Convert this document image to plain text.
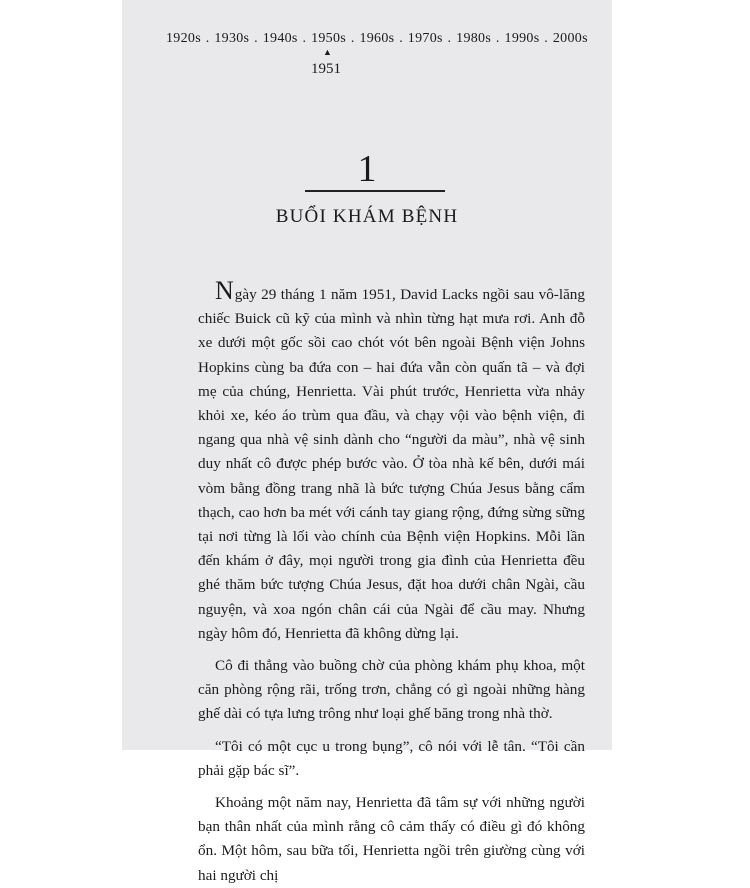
1920s . 1930s . 1940s . 1950s . 1960s . 1970s . 1980s . 1990s . 2000s
▲
1951
1
BUỔI KHÁM BỆNH

Ngày 29 tháng 1 năm 1951, David Lacks ngồi sau vô-lăng chiếc Buick cũ kỹ của mình và nhìn từng hạt mưa rơi. Anh đỗ xe dưới một gốc sồi cao chót vót bên ngoài Bệnh viện Johns Hopkins cùng ba đứa con – hai đứa vẫn còn quấn tã – và đợi mẹ của chúng, Henrietta. Vài phút trước, Henrietta vừa nhảy khỏi xe, kéo áo trùm qua đầu, và chạy vội vào bệnh viện, đi ngang qua nhà vệ sinh dành cho “người da màu”, nhà vệ sinh duy nhất cô được phép bước vào. Ở tòa nhà kế bên, dưới mái vòm bằng đồng trang nhã là bức tượng Chúa Jesus bằng cẩm thạch, cao hơn ba mét với cánh tay giang rộng, đứng sừng sững tại nơi từng là lối vào chính của Bệnh viện Hopkins. Mỗi lần đến khám ở đây, mọi người trong gia đình của Henrietta đều ghé thăm bức tượng Chúa Jesus, đặt hoa dưới chân Ngài, cầu nguyện, và xoa ngón chân cái của Ngài để cầu may. Nhưng ngày hôm đó, Henrietta đã không dừng lại.

Cô đi thẳng vào buồng chờ của phòng khám phụ khoa, một căn phòng rộng rãi, trống trơn, chẳng có gì ngoài những hàng ghế dài có tựa lưng trông như loại ghế băng trong nhà thờ.

“Tôi có một cục u trong bụng”, cô nói với lễ tân. “Tôi cần phải gặp bác sĩ”.

Khoảng một năm nay, Henrietta đã tâm sự với những người bạn thân nhất của mình rằng cô cảm thấy có điều gì đó không ổn. Một hôm, sau bữa tối, Henrietta ngồi trên giường cùng với hai người chị
